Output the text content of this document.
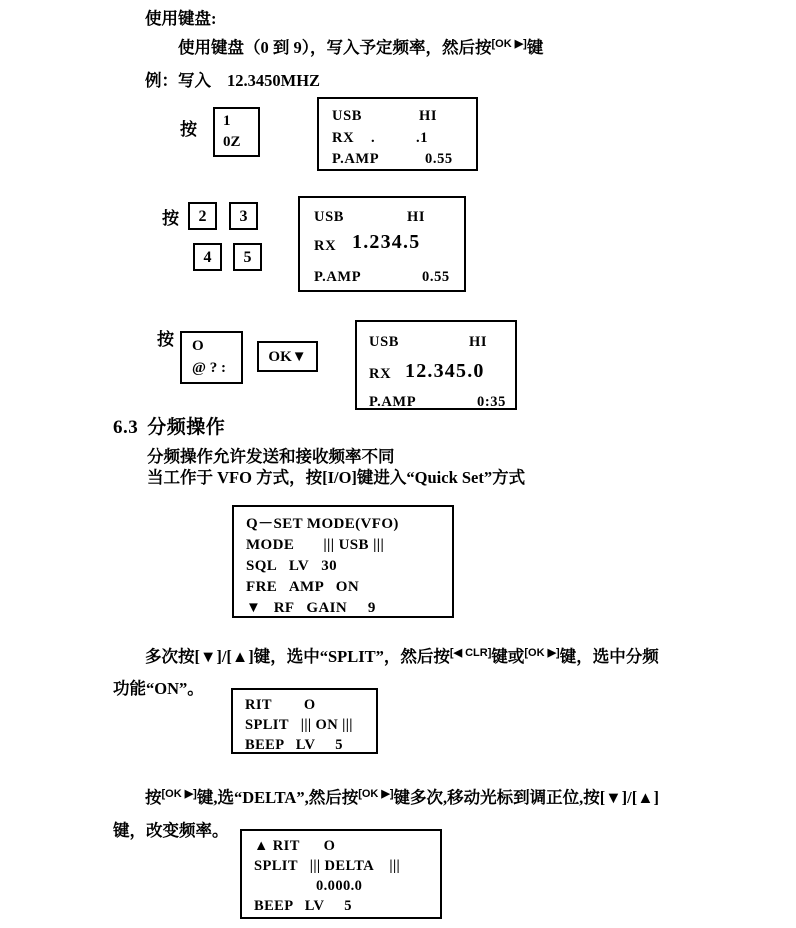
使用键盘:
使用键盘（0 到 9），写入予定频率，然后按[OK ▶]键
例：写入 12.3450MHZ
按 1
0Z
USB	HI
RX .	.1
P.AMP	0.55
按	2	3
4	5
USB	HI
RX 1.234.5
P.AMP	0.55
按 O
@ ? :
OK▼
USB	HI
RX 12.345.0
P.AMP	0:35
6.3 分频操作
分频操作允许发送和接收频率不同
当工作于 VFO 方式，按[I/O]键进入“Quick Set”方式
Q－SET MODE(VFO)
MODE       ||| USB |||
SQL   LV   30
FRE   AMP   ON
▼   RF   GAIN     9
多次按[▼]/[▲]键，选中“SPLIT”，然后按[◀ CLR]键或[OK ▶]键，选中分频
功能“ON”。
RIT        O
SPLIT   ||| ON |||
BEEP   LV     5
按[OK ▶]键,选“DELTA”,然后按[OK ▶]键多次,移动光标到调正位,按[▼]/[▲]
键，改变频率。
▲ RIT      O
SPLIT   ||| DELTA    |||
0.000.0
BEEP   LV     5
